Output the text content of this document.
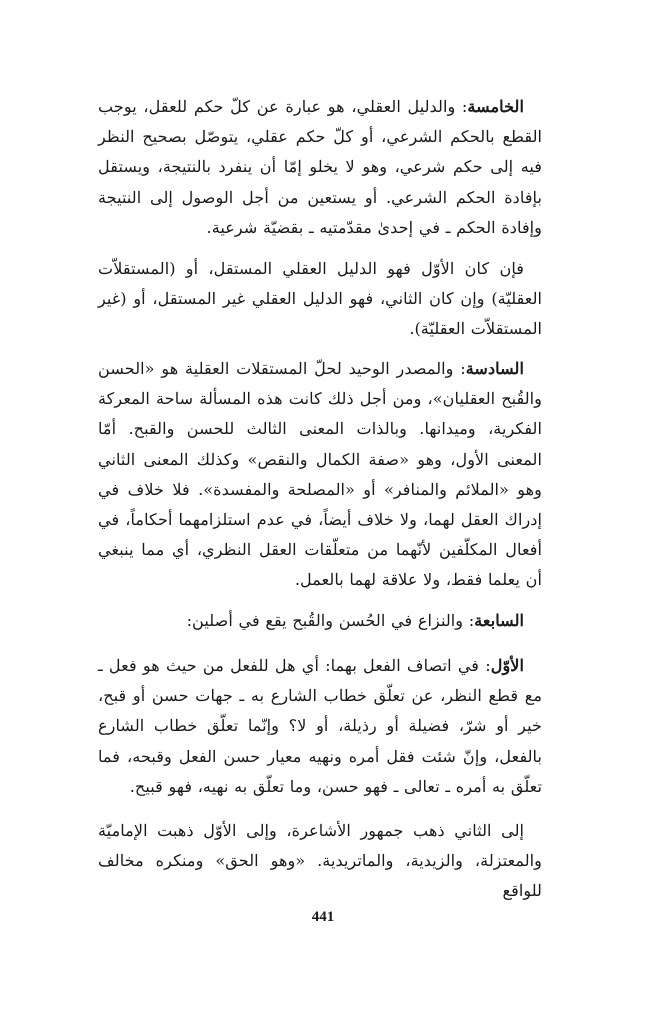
الخامسة: والدليل العقلي، هو عبارة عن كلّ حكم للعقل، يوجب القطع بالحكم الشرعي، أو كلّ حكم عقلي، يتوصّل بصحيح النظر فيه إلى حكم شرعي، وهو لا يخلو إمّا أن ينفرد بالنتيجة، ويستقل بإفادة الحكم الشرعي. أو يستعين من أجل الوصول إلى النتيجة وإفادة الحكم ـ في إحدىٰ مقدّمتيه ـ بقضيّة شرعية.

فإن كان الأوّل فهو الدليل العقلي المستقل، أو (المستقلاّت العقليّة) وإن كان الثاني، فهو الدليل العقلي غير المستقل، أو (غير المستقلاّت العقليّة).

السادسة: والمصدر الوحيد لحلّ المستقلات العقلية هو «الحسن والقُبح العقليان»، ومن أجل ذلك كانت هذه المسألة ساحة المعركة الفكرية، وميدانها. وبالذات المعنى الثالث للحسن والقبح. أمّا المعنى الأول، وهو «صفة الكمال والنقص» وكذلك المعنى الثاني وهو «الملائم والمنافر» أو «المصلحة والمفسدة». فلا خلاف في إدراك العقل لهما، ولا خلاف أيضاً، في عدم استلزامهما أحكاماً، في أفعال المكلّفين لأنّهما من متعلّقات العقل النظري، أي مما ينبغي أن يعلما فقط، ولا علاقة لهما بالعمل.

السابعة: والنزاع في الحُسن والقُبح يقع في أصلين:

الأوّل: في اتصاف الفعل بهما: أي هل للفعل من حيث هو فعل ـ مع قطع النظر، عن تعلّق خطاب الشارع به ـ جهات حسن أو قبح، خير أو شرّ، فضيلة أو رذيلة، أو لا؟ وإنّما تعلّق خطاب الشارع بالفعل، وإنّ شئت فقل أمره ونهيه معيار حسن الفعل وقبحه، فما تعلّق به أمره ـ تعالى ـ فهو حسن، وما تعلّق به نهيه، فهو قبيح.

إلى الثاني ذهب جمهور الأشاعرة، وإلى الأوّل ذهبت الإماميّة والمعتزلة، والزيدية، والماتريدية. «وهو الحق» ومنكره مخالف للواقع

441
